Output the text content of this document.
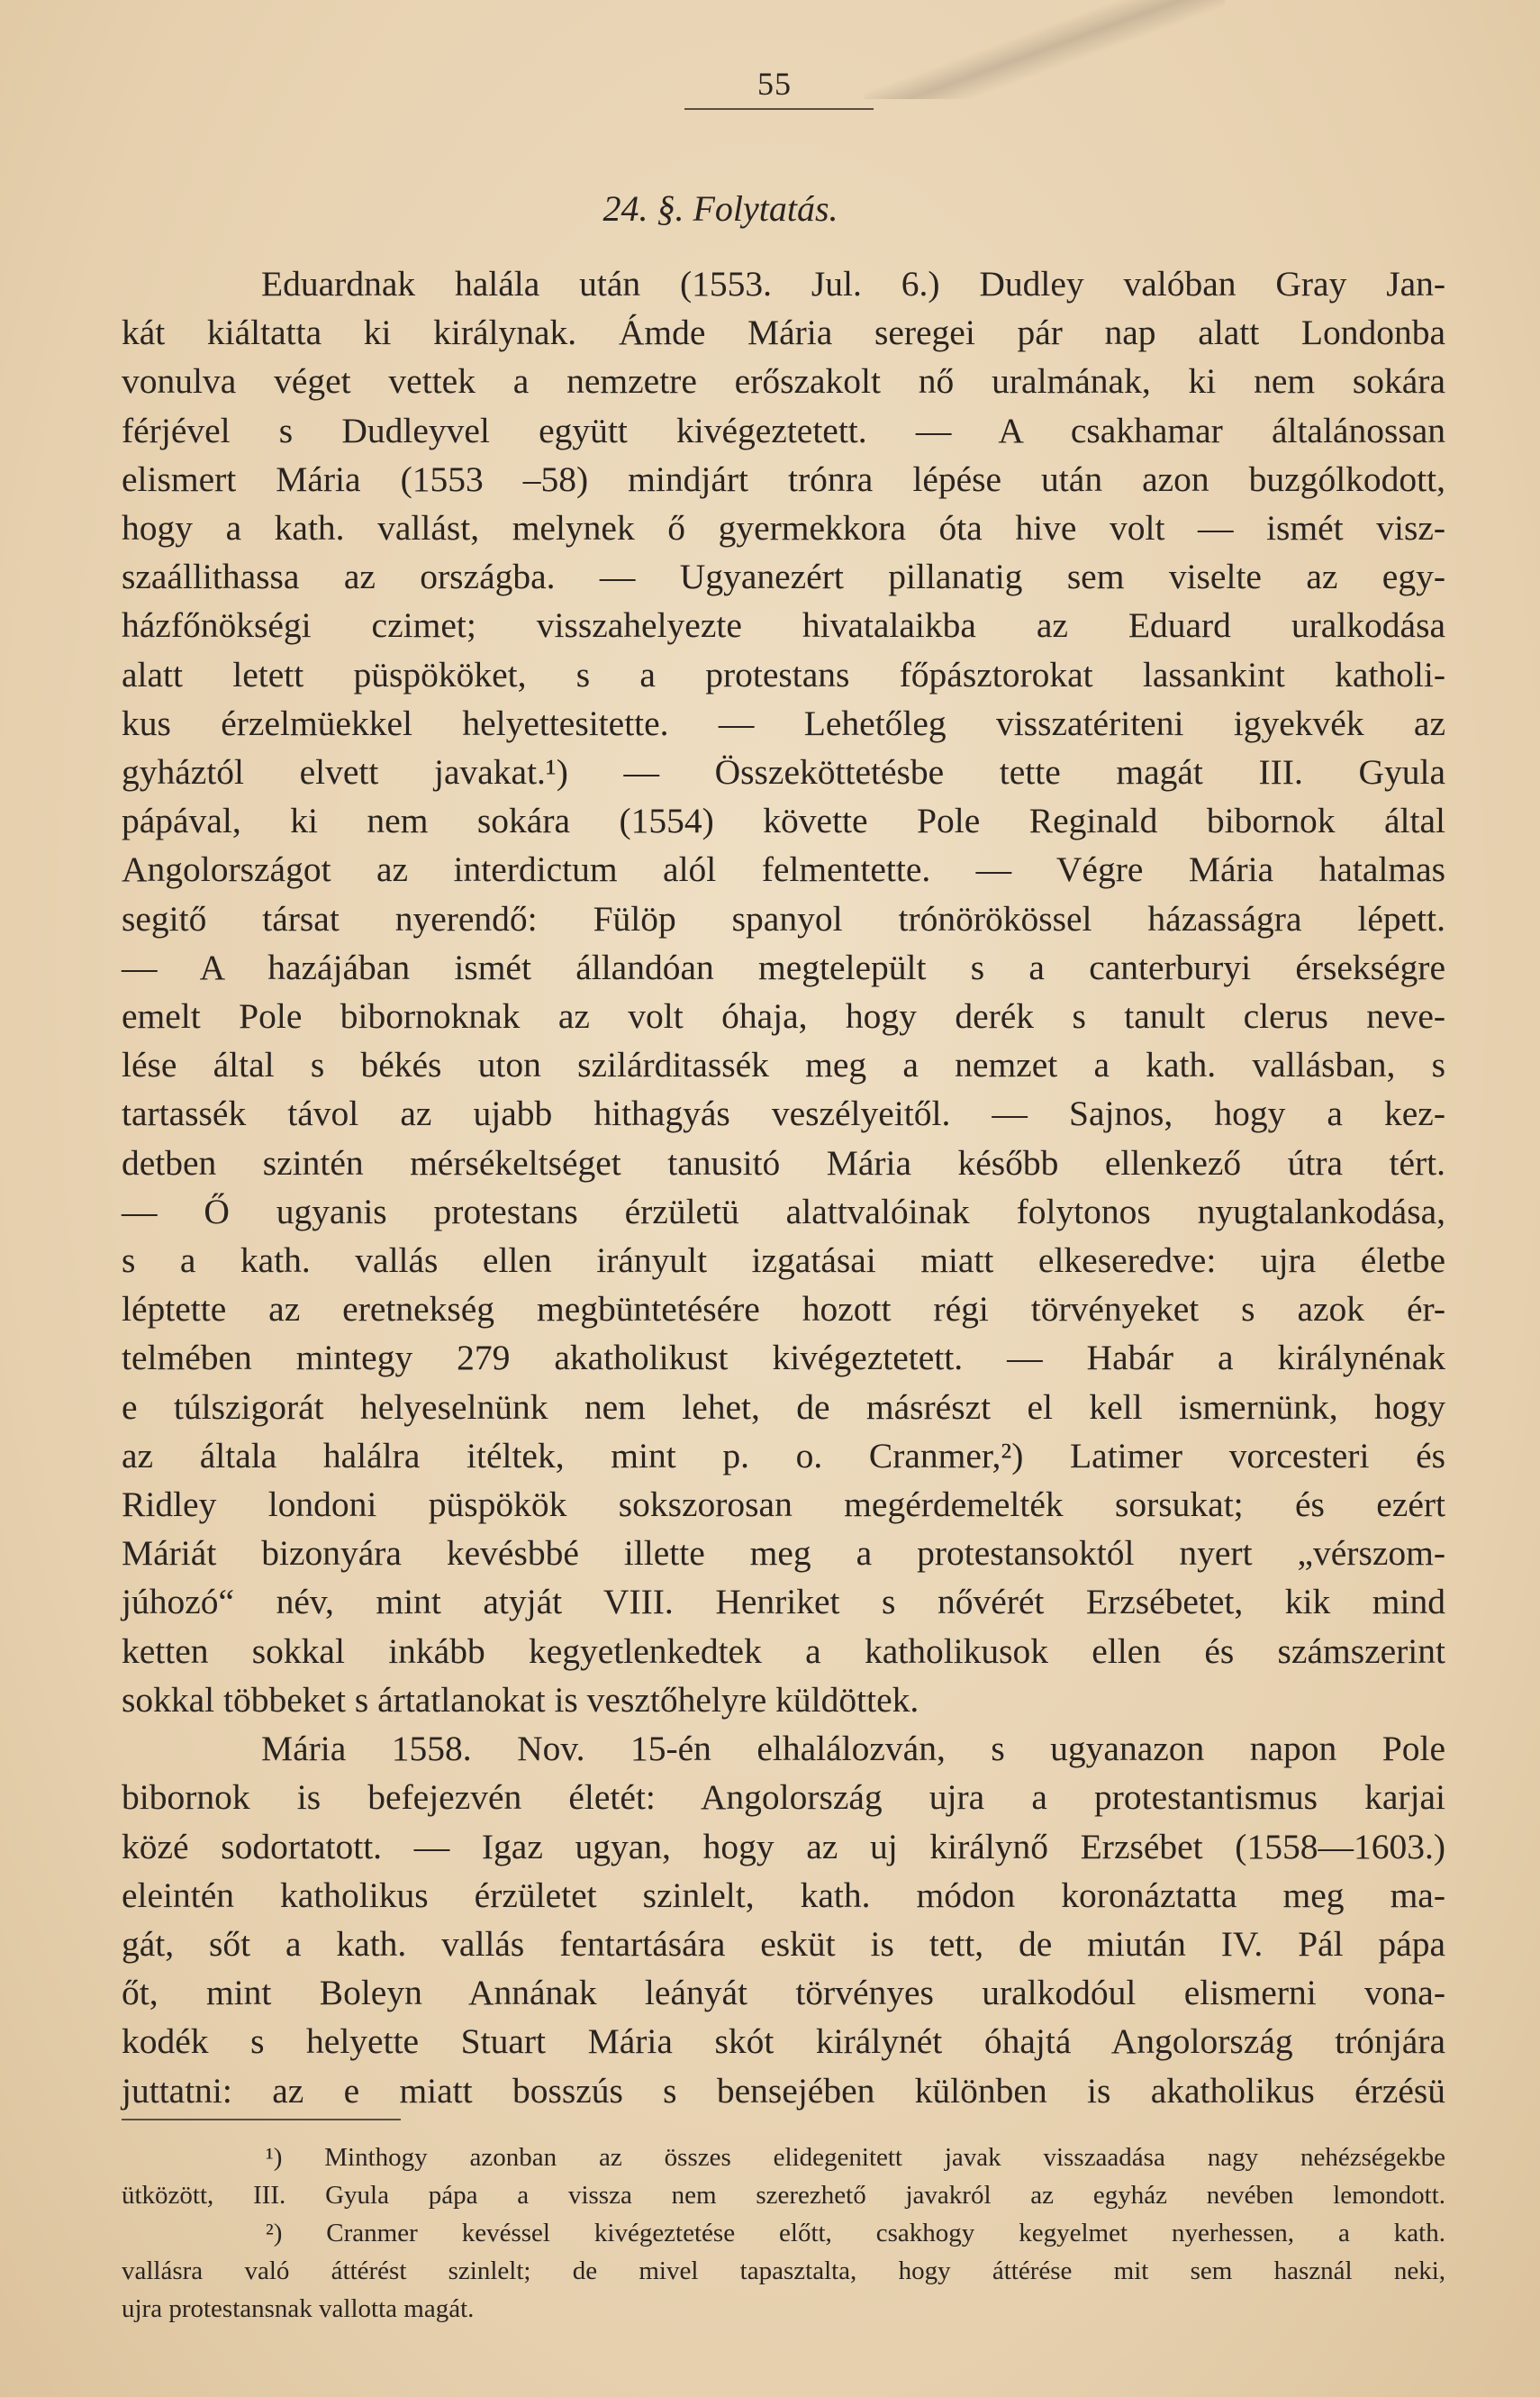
55
24. §. Folytatás.
Eduardnak halála után (1553. Jul. 6.) Dudley valóban Gray Jan-
kát kiáltatta ki királynak. Ámde Mária seregei pár nap alatt Londonba
vonulva véget vettek a nemzetre erőszakolt nő uralmának, ki nem sokára
férjével s Dudleyvel együtt kivégeztetett. — A csakhamar általánossan
elismert Mária (1553 –58) mindjárt trónra lépése után azon buzgólkodott,
hogy a kath. vallást, melynek ő gyermekkora óta hive volt — ismét visz-
szaállithassa az országba. — Ugyanezért pillanatig sem viselte az egy-
házfőnökségi czimet; visszahelyezte hivatalaikba az Eduard uralkodása
alatt letett püspököket, s a protestans főpásztorokat lassankint katholi-
kus érzelmüekkel helyettesitette. — Lehetőleg visszatériteni igyekvék az
gyháztól elvett javakat.¹) — Összeköttetésbe tette magát III. Gyula
pápával, ki nem sokára (1554) követte Pole Reginald bibornok által
Angolországot az interdictum alól felmentette. — Végre Mária hatalmas
segitő társat nyerendő: Fülöp spanyol trónörökössel házasságra lépett.
— A hazájában ismét állandóan megtelepült s a canterburyi érsekségre
emelt Pole bibornoknak az volt óhaja, hogy derék s tanult clerus neve-
lése által s békés uton szilárditassék meg a nemzet a kath. vallásban, s
tartassék távol az ujabb hithagyás veszélyeitől. — Sajnos, hogy a kez-
detben szintén mérsékeltséget tanusitó Mária később ellenkező útra tért.
— Ő ugyanis protestans érzületü alattvalóinak folytonos nyugtalankodása,
s a kath. vallás ellen irányult izgatásai miatt elkeseredve: ujra életbe
léptette az eretnekség megbüntetésére hozott régi törvényeket s azok ér-
telmében mintegy 279 akatholikust kivégeztetett. — Habár a királynénak
e túlszigorát helyeselnünk nem lehet, de másrészt el kell ismernünk, hogy
az általa halálra itéltek, mint p. o. Cranmer,²) Latimer vorcesteri és
Ridley londoni püspökök sokszorosan megérdemelték sorsukat; és ezért
Máriát bizonyára kevésbbé illette meg a protestansoktól nyert „vérszom-
júhozó“ név, mint atyját VIII. Henriket s nővérét Erzsébetet, kik mind
ketten sokkal inkább kegyetlenkedtek a katholikusok ellen és számszerint
sokkal többeket s ártatlanokat is vesztőhelyre küldöttek.
Mária 1558. Nov. 15-én elhalálozván, s ugyanazon napon Pole
bibornok is befejezvén életét: Angolország ujra a protestantismus karjai
közé sodortatott. — Igaz ugyan, hogy az uj királynő Erzsébet (1558—1603.)
eleintén katholikus érzületet szinlelt, kath. módon koronáztatta meg ma-
gát, sőt a kath. vallás fentartására esküt is tett, de miután IV. Pál pápa
őt, mint Boleyn Annának leányát törvényes uralkodóul elismerni vona-
kodék s helyette Stuart Mária skót királynét óhajtá Angolország trónjára
juttatni: az e miatt bosszús s bensejében különben is akatholikus érzésü
¹) Minthogy azonban az összes elidegenitett javak visszaadása nagy nehézségekbe
ütközött, III. Gyula pápa a vissza nem szerezhető javakról az egyház nevében lemondott.
²) Cranmer kevéssel kivégeztetése előtt, csakhogy kegyelmet nyerhessen, a kath.
vallásra való áttérést szinlelt; de mivel tapasztalta, hogy áttérése mit sem használ neki,
ujra protestansnak vallotta magát.
